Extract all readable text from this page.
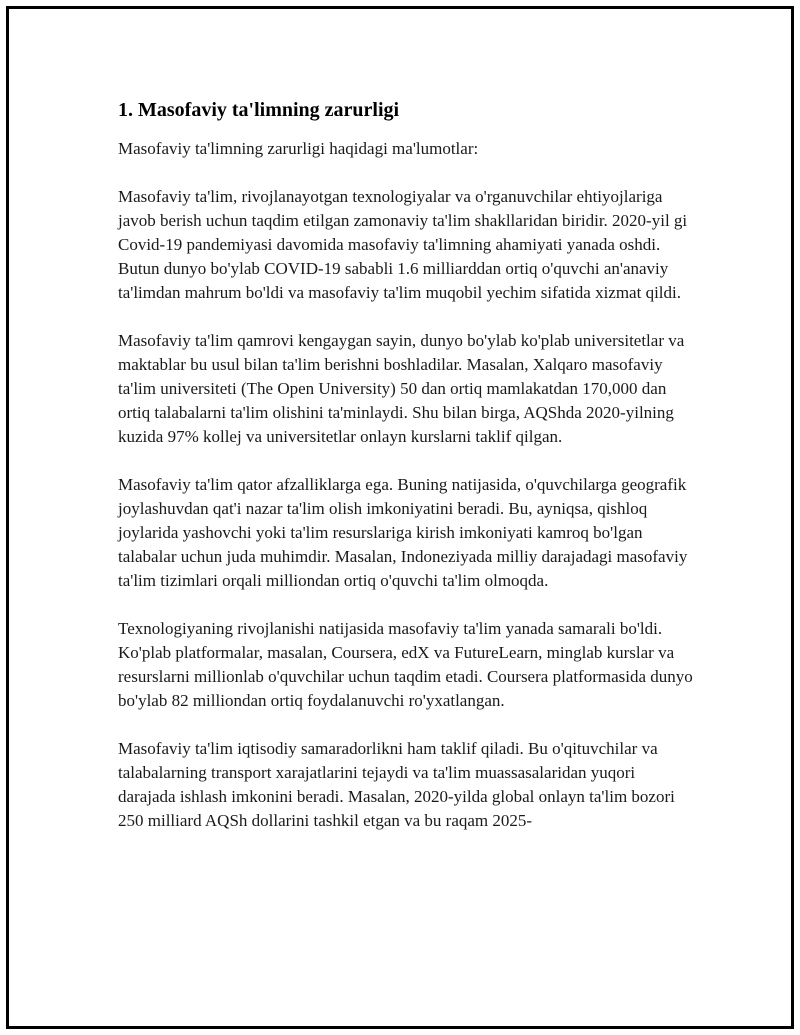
1. Masofaviy ta'limning zarurligi

Masofaviy ta'limning zarurligi haqidagi ma'lumotlar:

Masofaviy ta'lim, rivojlanayotgan texnologiyalar va o'rganuvchilar ehtiyojlariga javob berish uchun taqdim etilgan zamonaviy ta'lim shakllaridan biridir. 2020-yil gi Covid-19 pandemiyasi davomida masofaviy ta'limning ahamiyati yanada oshdi. Butun dunyo bo'ylab COVID-19 sababli 1.6 milliarddan ortiq o'quvchi an'anaviy ta'limdan mahrum bo'ldi va masofaviy ta'lim muqobil yechim sifatida xizmat qildi.

Masofaviy ta'lim qamrovi kengaygan sayin, dunyo bo'ylab ko'plab universitetlar va maktablar bu usul bilan ta'lim berishni boshladilar. Masalan, Xalqaro masofaviy ta'lim universiteti (The Open University) 50 dan ortiq mamlakatdan 170,000 dan ortiq talabalarni ta'lim olishini ta'minlaydi. Shu bilan birga, AQShda 2020-yilning kuzida 97% kollej va universitetlar onlayn kurslarni taklif qilgan.

Masofaviy ta'lim qator afzalliklarga ega. Buning natijasida, o'quvchilarga geografik joylashuvdan qat'i nazar ta'lim olish imkoniyatini beradi. Bu, ayniqsa, qishloq joylarida yashovchi yoki ta'lim resurslariga kirish imkoniyati kamroq bo'lgan talabalar uchun juda muhimdir. Masalan, Indoneziyada milliy darajadagi masofaviy ta'lim tizimlari orqali milliondan ortiq o'quvchi ta'lim olmoqda.

Texnologiyaning rivojlanishi natijasida masofaviy ta'lim yanada samarali bo'ldi. Ko'plab platformalar, masalan, Coursera, edX va FutureLearn, minglab kurslar va resurslarni millionlab o'quvchilar uchun taqdim etadi. Coursera platformasida dunyo bo'ylab 82 milliondan ortiq foydalanuvchi ro'yxatlangan.

Masofaviy ta'lim iqtisodiy samaradorlikni ham taklif qiladi. Bu o'qituvchilar va talabalarning transport xarajatlarini tejaydi va ta'lim muassasalaridan yuqori darajada ishlash imkonini beradi. Masalan, 2020-yilda global onlayn ta'lim bozori 250 milliard AQSh dollarini tashkil etgan va bu raqam 2025-
